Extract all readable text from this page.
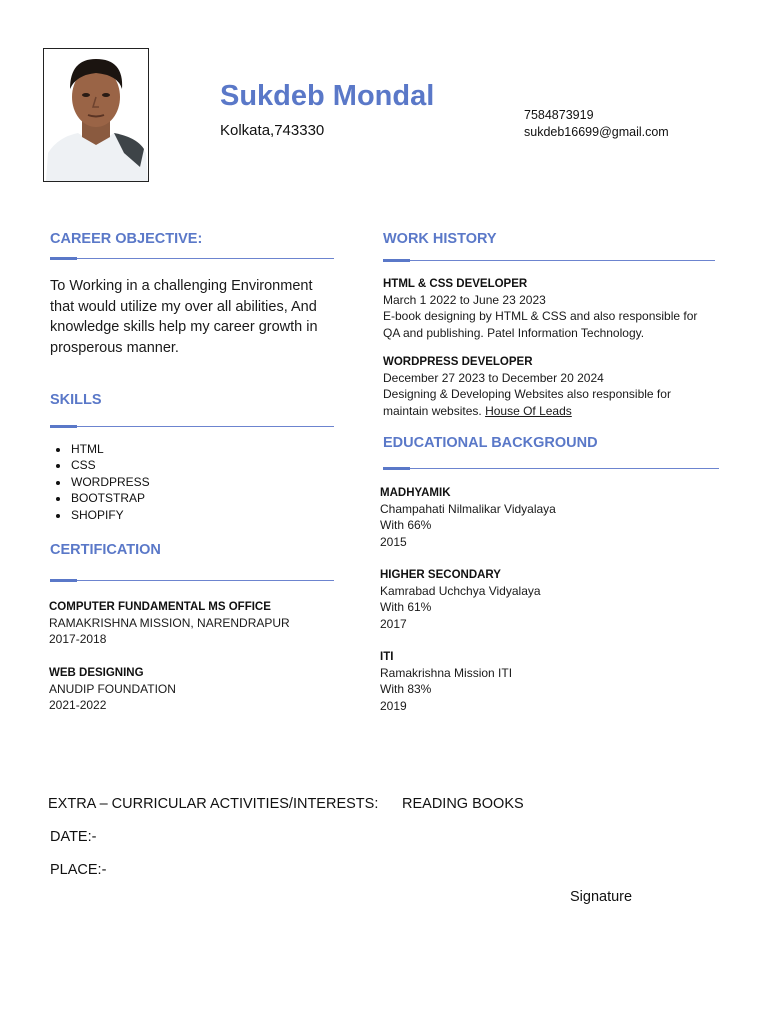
Sukdeb Mondal
Kolkata,743330
7584873919
sukdeb16699@gmail.com
CAREER OBJECTIVE:
To Working in a challenging Environment that would utilize my over all abilities, And knowledge skills help my career growth in prosperous manner.
SKILLS
• HTML
• CSS
• WORDPRESS
• BOOTSTRAP
• SHOPIFY
CERTIFICATION
COMPUTER FUNDAMENTAL MS OFFICE
RAMAKRISHNA MISSION, NARENDRAPUR
2017-2018
WEB DESIGNING
ANUDIP FOUNDATION
2021-2022
WORK HISTORY
HTML & CSS DEVELOPER
March 1 2022 to June 23 2023
E-book designing by HTML & CSS and also responsible for
QA and publishing. Patel Information Technology.
WORDPRESS DEVELOPER
December 27 2023 to December 20 2024
Designing & Developing Websites also responsible for
maintain websites. House Of Leads
EDUCATIONAL BACKGROUND
MADHYAMIK
Champahati Nilmalikar Vidyalaya
With 66%
2015
HIGHER SECONDARY
Kamrabad Uchchya Vidyalaya
With 61%
2017
ITI
Ramakrishna Mission ITI
With 83%
2019
EXTRA – CURRICULAR ACTIVITIES/INTERESTS: READING BOOKS
DATE:-
PLACE:-
Signature
